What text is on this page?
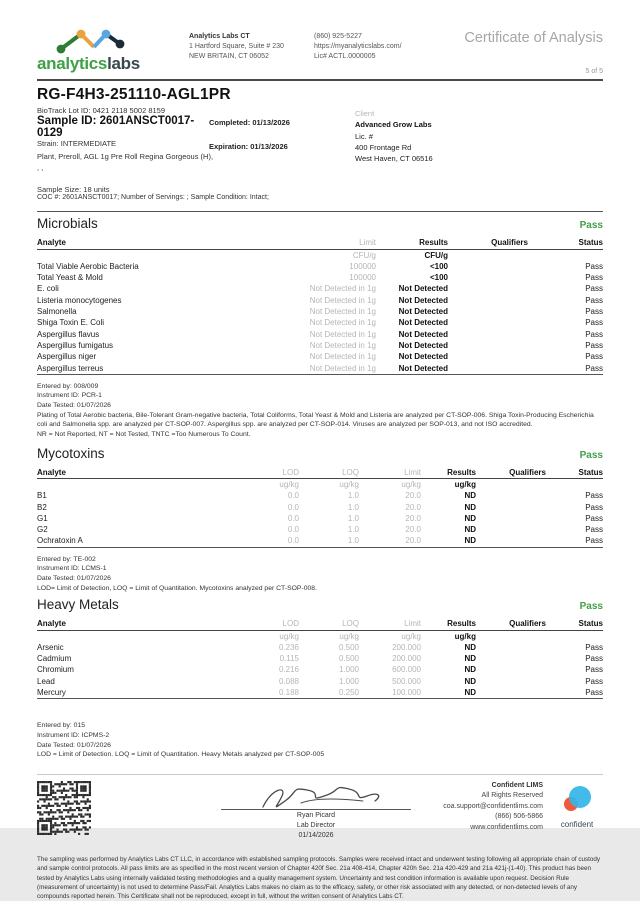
analyticslabs
Analytics Labs CT
1 Hartford Square, Suite # 230
NEW BRITAIN, CT 06052
(860) 925-5227
https://myanalyticslabs.com/
Lic# ACTL.0000005
Certificate of Analysis
5 of 5
RG-F4H3-251110-AGL1PR
BioTrack Lot ID: 0421 2118 5002 8159
Sample ID: 2601ANSCT0017-0129
Completed: 01/13/2026
Strain: INTERMEDIATE	Expiration: 01/13/2026
Plant, Preroll, AGL 1g Pre Roll Regina Gorgeous (H),
, ,
Sample Size: 18 units
COC #: 2601ANSCT0017; Number of Servings: ; Sample Condition: Intact;
Client
Advanced Grow Labs
Lic. #
400 Frontage Rd
West Haven, CT 06516
Microbials	Pass
Analyte	Limit	Results	Qualifiers	Status
CFU/g	CFU/g
Total Viable Aerobic Bacteria	100000	<100	Pass
Total Yeast & Mold	100000	<100	Pass
E. coli	Not Detected in 1g	Not Detected	Pass
Listeria monocytogenes	Not Detected in 1g	Not Detected	Pass
Salmonella	Not Detected in 1g	Not Detected	Pass
Shiga Toxin E. Coli	Not Detected in 1g	Not Detected	Pass
Aspergillus flavus	Not Detected in 1g	Not Detected	Pass
Aspergillus fumigatus	Not Detected in 1g	Not Detected	Pass
Aspergillus niger	Not Detected in 1g	Not Detected	Pass
Aspergillus terreus	Not Detected in 1g	Not Detected	Pass
Entered by: 008/009
Instrument ID: PCR-1
Date Tested: 01/07/2026
Plating of Total Aerobic bacteria, Bile-Tolerant Gram-negative bacteria, Total Coliforms, Total Yeast & Mold and Listeria are analyzed per CT-SOP-006. Shiga Toxin-Producing Escherichia coli and Salmonella spp. are analyzed per CT-SOP-007. Aspergillus spp. are analyzed per CT-SOP-014. Viruses are analyzed per SOP-013, and not ISO accredited.
NR = Not Reported, NT = Not Tested, TNTC =Too Numerous To Count.
Mycotoxins	Pass
Analyte	LOD	LOQ	Limit	Results	Qualifiers	Status
ug/kg	ug/kg	ug/kg	ug/kg
B1	0.0	1.0	20.0	ND	Pass
B2	0.0	1.0	20.0	ND	Pass
G1	0.0	1.0	20.0	ND	Pass
G2	0.0	1.0	20.0	ND	Pass
Ochratoxin A	0.0	1.0	20.0	ND	Pass
Entered by: TE-002
Instrument ID: LCMS-1
Date Tested: 01/07/2026
LOD= Limit of Detection, LOQ = Limit of Quantitation. Mycotoxins analyzed per CT-SOP-008.
Heavy Metals	Pass
Analyte	LOD	LOQ	Limit	Results	Qualifiers	Status
ug/kg	ug/kg	ug/kg	ug/kg
Arsenic	0.236	0.500	200.000	ND	Pass
Cadmium	0.115	0.500	200.000	ND	Pass
Chromium	0.216	1.000	600.000	ND	Pass
Lead	0.088	1.000	500.000	ND	Pass
Mercury	0.188	0.250	100.000	ND	Pass
Entered by: 015
Instrument ID: ICPMS-2
Date Tested: 01/07/2026
LOD = Limit of Detection. LOQ = Limit of Quantitation. Heavy Metals analyzed per CT-SOP-005
Ryan Picard
Lab Director
01/14/2026
Confident LIMS
All Rights Reserved
coa.support@confidentlims.com
(866) 506-5866
www.confidentlims.com	confident
The sampling was performed by Analytics Labs CT LLC, in accordance with established sampling protocols. Samples were received intact and underwent testing following all appropriate chain of custody and sample control protocols. All pass limits are as specified in the most recent version of Chapter 420f Sec. 21a 408-414, Chapter 420h Sec. 21a 420-429 and 21a 421j-(1-40). This product has been tested by Analytics Labs using internally validated testing methodologies and a quality management system. Uncertainty and test condition information is available upon request. Decision Rule (measurement of uncertainty) is not used to determine Pass/Fail. Analytics Labs makes no claim as to the efficacy, safety, or other risk associated with any detected, or non-detected levels of any compounds reported herein. This Certificate shall not be reproduced, except in full, without the written consent of Analytics Labs CT.
